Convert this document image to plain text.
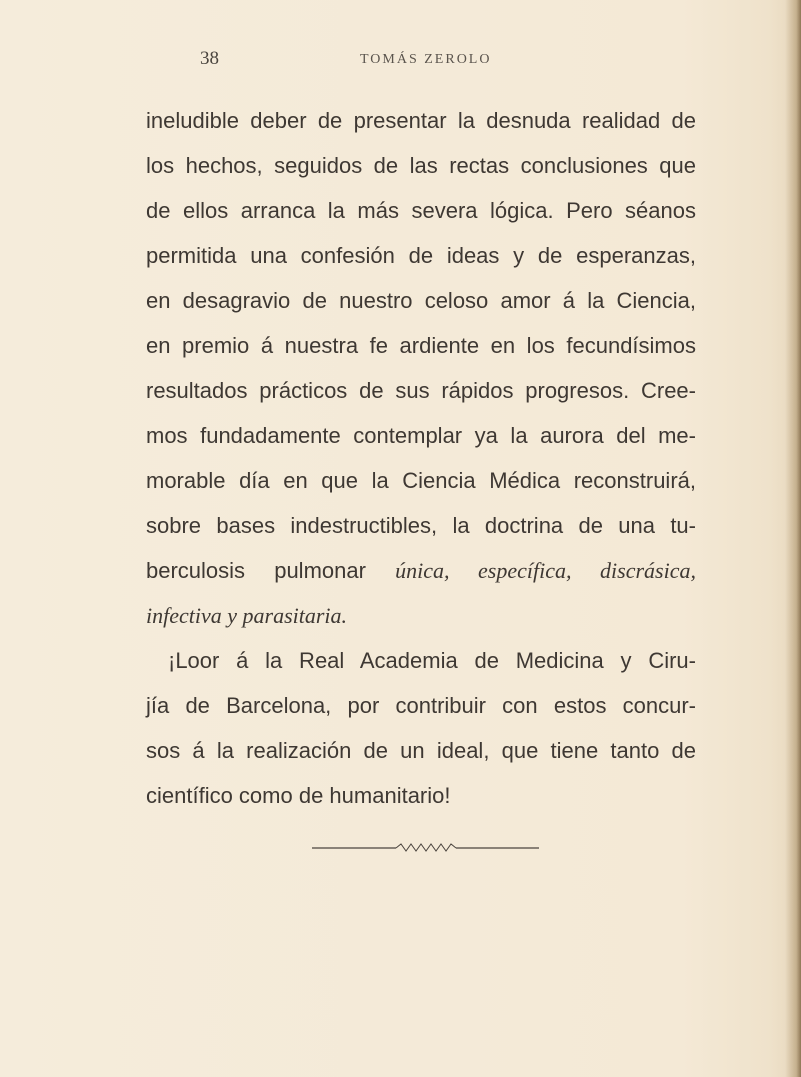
38	TOMÁS ZEROLO
ineludible deber de presentar la desnuda realidad de
los hechos, seguidos de las rectas conclusiones que
de ellos arranca la más severa lógica. Pero séanos
permitida una confesión de ideas y de esperanzas,
en desagravio de nuestro celoso amor á la Ciencia,
en premio á nuestra fe ardiente en los fecundísimos
resultados prácticos de sus rápidos progresos. Cree-
mos fundadamente contemplar ya la aurora del me-
morable día en que la Ciencia Médica reconstruirá,
sobre bases indestructibles, la doctrina de una tu-
berculosis pulmonar única, específica, discrásica,
infectiva y parasitaria.
¡Loor á la Real Academia de Medicina y Ciru-
jía de Barcelona, por contribuir con estos concur-
sos á la realización de un ideal, que tiene tanto de
científico como de humanitario!
